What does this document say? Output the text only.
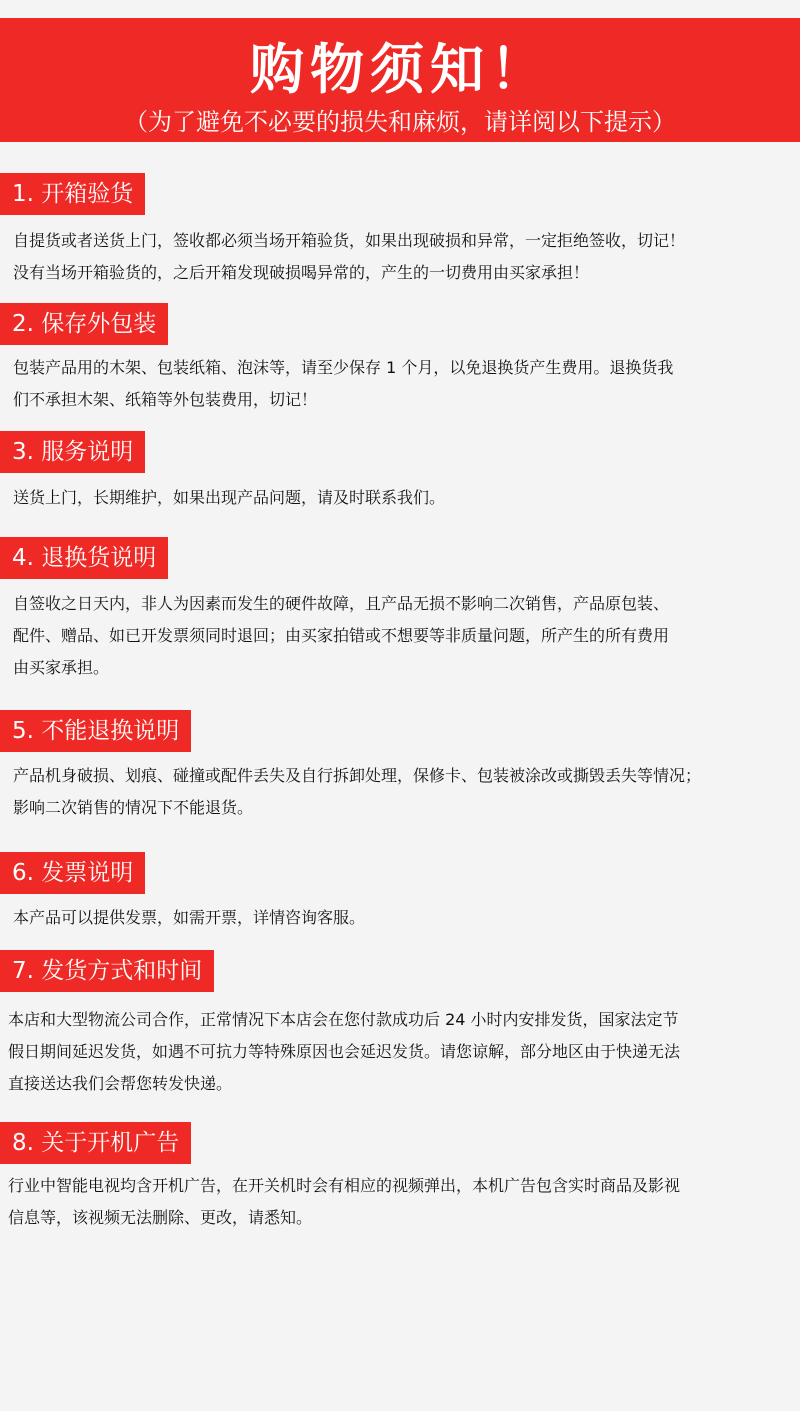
购物须知！
（为了避免不必要的损失和麻烦，请详阅以下提示）
1. 开箱验货
自提货或者送货上门，签收都必须当场开箱验货，如果出现破损和异常，一定拒绝签收，切记！
没有当场开箱验货的，之后开箱发现破损喝异常的，产生的一切费用由买家承担！
2. 保存外包装
包装产品用的木架、包装纸箱、泡沫等，请至少保存 1 个月，以免退换货产生费用。退换货我
们不承担木架、纸箱等外包装费用，切记！
3. 服务说明
送货上门，长期维护，如果出现产品问题，请及时联系我们。
4. 退换货说明
自签收之日天内，非人为因素而发生的硬件故障，且产品无损不影响二次销售，产品原包装、
配件、赠品、如已开发票须同时退回；由买家拍错或不想要等非质量问题，所产生的所有费用
由买家承担。
5. 不能退换说明
产品机身破损、划痕、碰撞或配件丢失及自行拆卸处理，保修卡、包装被涂改或撕毁丢失等情况；
影响二次销售的情况下不能退货。
6. 发票说明
本产品可以提供发票，如需开票，详情咨询客服。
7. 发货方式和时间
本店和大型物流公司合作，正常情况下本店会在您付款成功后 24 小时内安排发货，国家法定节
假日期间延迟发货，如遇不可抗力等特殊原因也会延迟发货。请您谅解，部分地区由于快递无法
直接送达我们会帮您转发快递。
8. 关于开机广告
行业中智能电视均含开机广告，在开关机时会有相应的视频弹出，本机广告包含实时商品及影视
信息等，该视频无法删除、更改，请悉知。
